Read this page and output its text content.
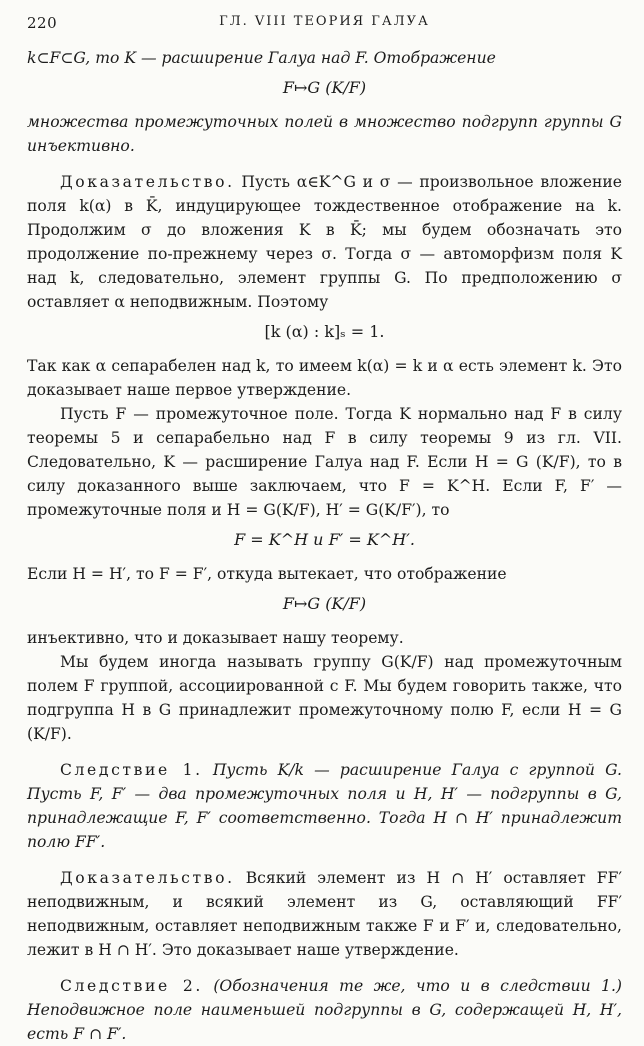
220	ГЛ. VIII ТЕОРИЯ ГАЛУА

k⊂F⊂G, то K — расширение Галуа над F. Отображение

F↦G (K/F)

множества промежуточных полей в множество подгрупп группы G инъективно.

Доказательство. Пусть α∈K^G и σ — произвольное вложение поля k(α) в K̄, индуцирующее тождественное отображение на k. Продолжим σ до вложения K в K̄; мы будем обозначать это продолжение по-прежнему через σ. Тогда σ — автоморфизм поля K над k, следовательно, элемент группы G. По предположению σ оставляет α неподвижным. Поэтому

[k (α) : k]ₛ = 1.

Так как α сепарабелен над k, то имеем k(α) = k и α есть элемент k. Это доказывает наше первое утверждение.

Пусть F — промежуточное поле. Тогда K нормально над F в силу теоремы 5 и сепарабельно над F в силу теоремы 9 из гл. VII. Следовательно, K — расширение Галуа над F. Если H = G (K/F), то в силу доказанного выше заключаем, что F = K^H. Если F, F′ — промежуточные поля и H = G(K/F), H′ = G(K/F′), то

F = K^H и F′ = K^H′.

Если H = H′, то F = F′, откуда вытекает, что отображение

F↦G (K/F)

инъективно, что и доказывает нашу теорему.

Мы будем иногда называть группу G(K/F) над промежуточным полем F группой, ассоциированной с F. Мы будем говорить также, что подгруппа H в G принадлежит промежуточному полю F, если H = G (K/F).

Следствие 1. Пусть K/k — расширение Галуа с группой G. Пусть F, F′ — два промежуточных поля и H, H′ — подгруппы в G, принадлежащие F, F′ соответственно. Тогда H ∩ H′ принадлежит полю FF′.

Доказательство. Всякий элемент из H ∩ H′ оставляет FF′ неподвижным, и всякий элемент из G, оставляющий FF′ неподвижным, оставляет неподвижным также F и F′ и, следовательно, лежит в H ∩ H′. Это доказывает наше утверждение.

Следствие 2. (Обозначения те же, что и в следствии 1.) Неподвижное поле наименьшей подгруппы в G, содержащей H, H′, есть F ∩ F′.
